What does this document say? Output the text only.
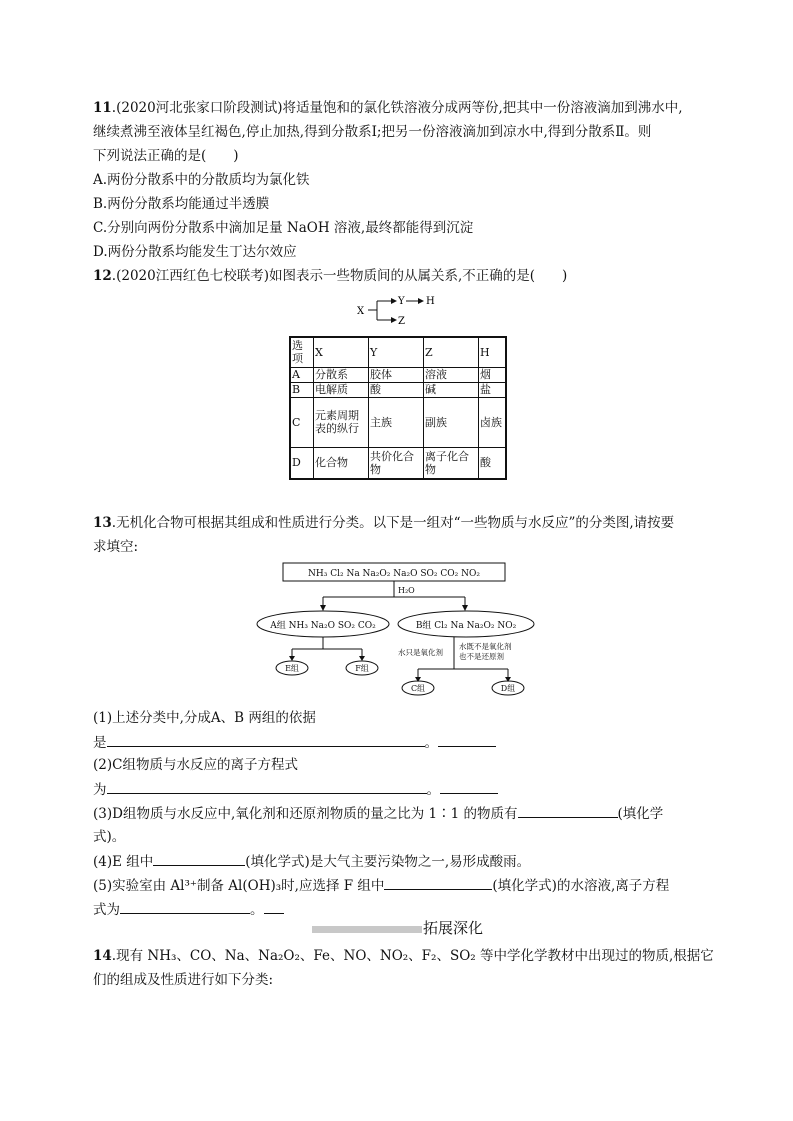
11.(2020河北张家口阶段测试)将适量饱和的氯化铁溶液分成两等份,把其中一份溶液滴加到沸水中,
继续煮沸至液体呈红褐色,停止加热,得到分散系Ⅰ;把另一份溶液滴加到凉水中,得到分散系Ⅱ。则
下列说法正确的是(　　)
A.两份分散系中的分散质均为氯化铁
B.两份分散系均能通过半透膜
C.分别向两份分散系中滴加足量 NaOH 溶液,最终都能得到沉淀
D.两份分散系均能发生丁达尔效应
12.(2020江西红色七校联考)如图表示一些物质间的从属关系,不正确的是(　　)
X
Y H
Z
选项	X	Y	Z	H
A	分散系	胶体	溶液	烟
B	电解质	酸	碱	盐
C	元素周期表的纵行	主族	副族	卤族
D	化合物	共价化合物	离子化合物	酸
13.无机化合物可根据其组成和性质进行分类。以下是一组对“一些物质与水反应”的分类图,请按要
求填空:
NH₃ Cl₂ Na Na₂O₂ Na₂O SO₂ CO₂ NO₂
H₂O
A组 NH₃ Na₂O SO₂ CO₂	B组 Cl₂ Na Na₂O₂ NO₂
E组	F组
水只是氧化剂
水既不是氧化剂
也不是还原剂
C组	D组
(1)上述分类中,分成A、B 两组的依据
是	。
(2)C组物质与水反应的离子方程式
为	。
(3)D组物质与水反应中,氧化剂和还原剂物质的量之比为 1∶1 的物质有	(填化学
式)。
(4)E 组中	(填化学式)是大气主要污染物之一,易形成酸雨。
(5)实验室由 Al³⁺制备 Al(OH)₃时,应选择 F 组中	(填化学式)的水溶液,离子方程
式为	。
拓展深化
14.现有 NH₃、CO、Na、Na₂O₂、Fe、NO、NO₂、F₂、SO₂ 等中学化学教材中出现过的物质,根据它
们的组成及性质进行如下分类:
